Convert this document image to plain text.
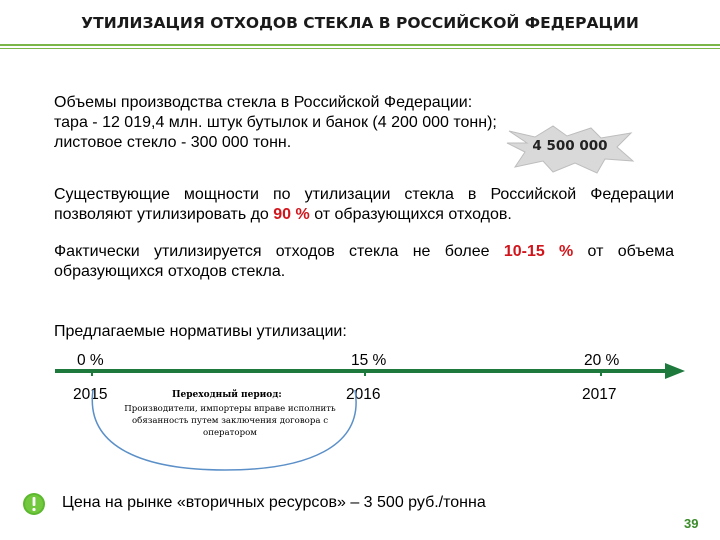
УТИЛИЗАЦИЯ ОТХОДОВ СТЕКЛА В РОССИЙСКОЙ ФЕДЕРАЦИИ
Объемы производства стекла в Российской Федерации:
тара - 12 019,4 млн. штук бутылок и банок (4 200 000 тонн);
листовое стекло - 300 000 тонн.	4 500 000
Существующие мощности по утилизации стекла в Российской Федерации позволяют утилизировать до 90 % от образующихся отходов.
Фактически утилизируется отходов стекла не более 10-15 % от объема образующихся отходов стекла.
Предлагаемые нормативы утилизации:
0 %	15 %	20 %
2015	2016	2017
Переходный период:
Производители, импортеры вправе исполнить обязанность путем заключения договора с оператором
Цена на рынке «вторичных ресурсов» – 3 500 руб./тонна
39
